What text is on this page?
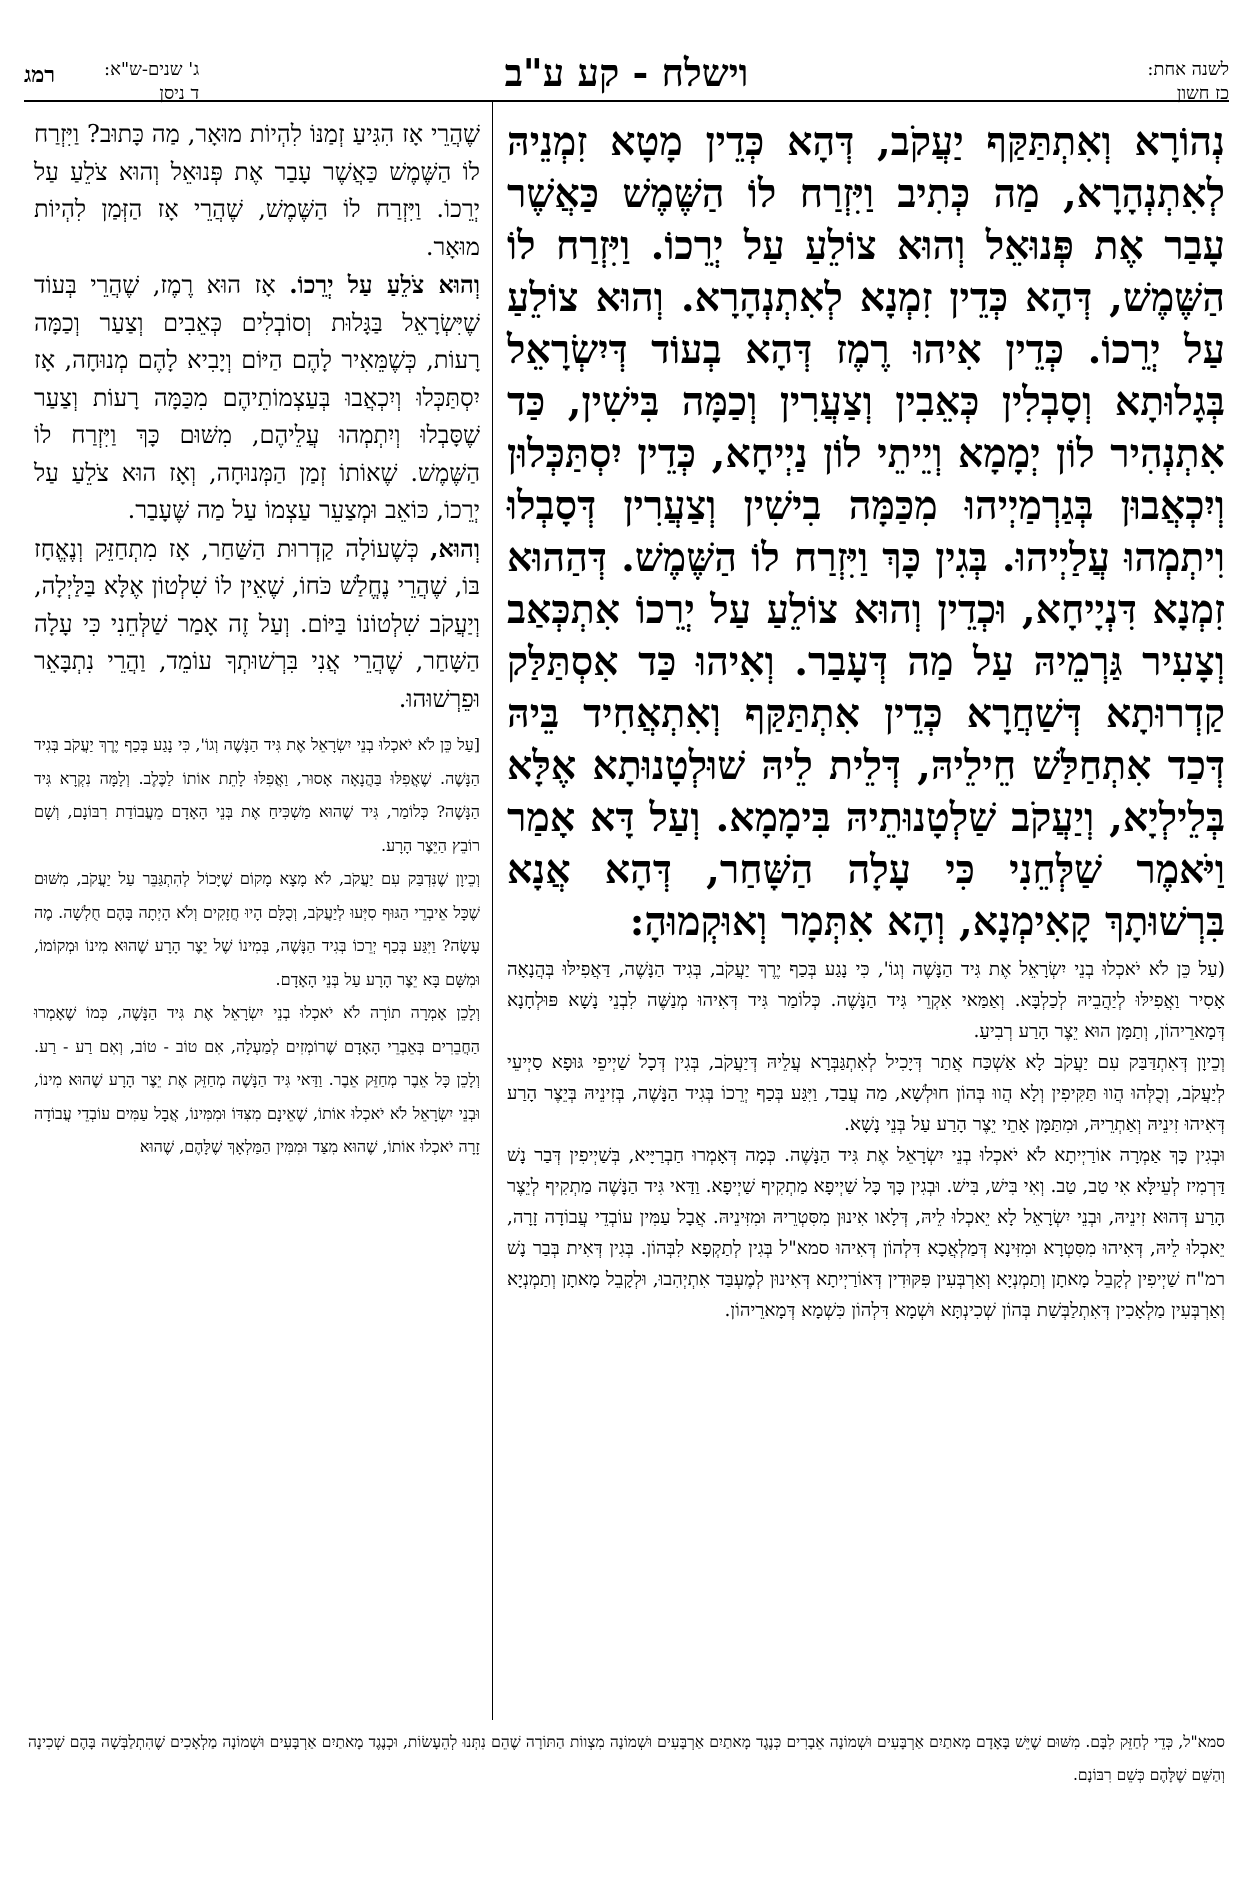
לשנה אחת:
כז חשון
וישלח - קע ע"ב
ג' שנים-ש"א:
ד ניסן
רמג
נְהוֹרָא וְאִתְתַּקַּף יַעֲקֹב, דְּהָא כְּדֵין מָטָא זִמְנֵיהּ לְאִתְנְהָרָא, מַה כְּתִיב וַיִּזְרַח לוֹ הַשֶּׁמֶשׁ כַּאֲשֶׁר עָבַר אֶת פְּנוּאֵל וְהוּא צוֹלֵעַ עַל יְרֵכוֹ. וַיִּזְרַח לוֹ הַשֶּׁמֶשׁ, דְּהָא כְּדֵין זִמְנָא לְאִתְנְהָרָא. וְהוּא צוֹלֵעַ עַל יְרֵכוֹ. כְּדֵין אִיהוּ רֶמֶז דְּהָא בְעוֹד דְּיִשְׂרָאֵל בְּגָלוּתָא וְסָבְלִין כְּאֵבִין וְצַעֲרִין וְכַמָּה בִּישִׁין, כַּד אִתְנְהִיר לוֹן יְמָמָא וְיֵיתֵי לוֹן נַיְיחָא, כְּדֵין יִסְתַּכְּלוּן וְיִכְאֲבוּן בְּגַרְמַיְיהוּ מִכַּמָּה בִישִׁין וְצַעֲרִין דְּסָבְלוּ וִיתְמְהוּ עֲלַיְיהוּ. בְּגִין כָּךְ וַיִּזְרַח לוֹ הַשֶּׁמֶשׁ. דְּהַהוּא זִמְנָא דִּנְיָיחָא, וּכְדֵין וְהוּא צוֹלֵעַ עַל יְרֵכוֹ אִתְכְּאַב וְצָעִיר גַּרְמֵיהּ עַל מַה דְּעָבַר. וְאִיהוּ כַּד אִסְתַּלַּק קַדְרוּתָא דְּשַׁחֲרָא כְּדֵין אִתְתַּקַּף וְאִתְאֲחִיד בֵּיהּ דְּכַד אִתְחַלַּשׁ חֵילֵיהּ, דְּלֵית לֵיהּ שׁוּלְטָנוּתָא אֶלָּא בְּלֵילְיָא, וְיַעֲקֹב שַׁלְטָנוּתֵיהּ בִּימָמָא. וְעַל דָּא אָמַר וַיֹּאמֶר שַׁלְּחֵנִי כִּי עָלָה הַשָּׁחַר, דְּהָא אֲנָא בִּרְשׁוּתָךְ קָאִימְנָא, וְהָא אִתְּמָר וְאוּקְמוּהָ:
(עַל כֵּן לֹא יֹאכְלוּ בְנֵי יִשְׂרָאֵל אֶת גִּיד הַנָּשֶׁה וְגוֹ', כִּי נָגַע בְּכַף יֶרֶךְ יַעֲקֹב, בְּגִיד הַנָּשֶׁה, דַּאֲפִילּוּ בְּהֲנָאָה אָסִיר וַאֲפִילּוּ לְיַהֲבֵיהּ לְכַלְבָּא. וְאַמַּאי אִקְרֵי גִּיד הַנָּשֶׁה. כְּלוֹמַר גִּיד דְּאִיהוּ מְנַשֶּׁה לִבְנֵי נָשָׁא פּוּלְחָנָא דְּמָארֵיהוֹן, וְתַמָּן הוּא יֵצֶר הָרַע רְבִיעַ.
וְכֵיוָן דְּאִתְדַּבַּק עִם יַעֲקֹב לָא אַשְׁכַּח אֲתַר דְּיָכִיל לְאִתְגַּבְּרָא עֲלֵיהּ דְּיַעֲקֹב, בְּגִין דְּכָל שַׁיְיפֵי גּוּפָא סַיְיעֵי לְיַעֲקֹב, וְכֻלְּהוּ הֲווּ תַּקִּיפִין וְלָא הֲווּ בְּהוֹן חוּלְשָׁא, מַה עֲבַד, וַיִּגַּע בְּכַף יְרֵכוֹ בְּגִיד הַנָּשֶׁה, בְּזִינֵיהּ בְּיֵצֶר הָרַע דְּאִיהוּ זִינֵיהּ וְאַתְרֵיהּ, וּמִתַּמָּן אָתֵי יֵצֶר הָרַע עַל בְּנֵי נָשָׁא.
וּבְגִין כָּךְ אַמְרָה אוֹרַיְיתָא לֹא יֹאכְלוּ בְנֵי יִשְׂרָאֵל אֶת גִּיד הַנָּשֶׁה. כְּמָה דְּאָמְרוּ חַבְרַיָּיא, בְּשַׁיְיפִין דְּבַר נָשׁ דַּרְמִיז לְעֵילָּא אִי טַב, טַב. וְאִי בִּישׁ, בִּישׁ. וּבְגִין כָּךְ כָּל שַׁיְיפָא מַתְקִיף שַׁיְיפָא. וַדַּאי גִּיד הַנָּשֶׁה מַתְקִיף לְיֵצֶר הָרַע דְּהוּא זִינֵיהּ, וּבְנֵי יִשְׂרָאֵל לָא יֵאכְלוּ לֵיהּ, דְּלָאו אִינוּן מִסִּטְרֵיהּ וּמִזִּינֵיהּ. אֲבָל עַמִּין עוֹבְדֵי עֲבוֹדָה זָרָה, יֵאכְלוּ לֵיהּ, דְּאִיהוּ מִסִּטְרָא וּמִזִּינָא דְּמַלְאֲכָא דִּלְהוֹן דְּאִיהוּ סמא"ל בְּגִין לְתַקְפָא לִבְּהוֹן. בְּגִין דְּאִית בְּבַר נָשׁ רמ"ח שַׁיְיפִין לְקָבֵל מָאתָן וְתַמְנְיָא וְאַרְבְּעִין פִּקּוּדִין דְּאוֹרַיְיתָא דְּאִינוּן לְמֶעְבַּד אִתְיְהִבוּ, וּלְקָבֵל מָאתָן וְתַמְנְיָא וְאַרְבְּעִין מַלְאָכִין דְּאִתְלַבְּשַׁת בְּהוֹן שְׁכִינְתָּא וּשְׁמָא דִּלְהוֹן כִּשְׁמָא דְּמָארֵיהוֹן.
שֶׁהֲרֵי אָז הִגִּיעַ זְמַנּוֹ לִהְיוֹת מוּאָר, מַה כָּתוּב? וַיִּזְרַח לוֹ הַשֶּׁמֶשׁ כַּאֲשֶׁר עָבַר אֶת פְּנוּאֵל וְהוּא צֹלֵעַ עַל יְרֵכוֹ. וַיִּזְרַח לוֹ הַשֶּׁמֶשׁ, שֶׁהֲרֵי אָז הַזְּמַן לִהְיוֹת מוּאָר.
וְהוּא צֹלֵעַ עַל יְרֵכוֹ. אָז הוּא רֶמֶז, שֶׁהֲרֵי בְּעוֹד שֶׁיִּשְׂרָאֵל בַּגָּלוּת וְסוֹבְלִים כְּאֵבִים וְצַעַר וְכַמָּה רָעוֹת, כְּשֶׁמֵּאִיר לָהֶם הַיּוֹם וְיָבִיא לָהֶם מְנוּחָה, אָז יִסְתַּכְּלוּ וְיִכְאֲבוּ בְּעַצְמוֹתֵיהֶם מִכַּמָּה רָעוֹת וְצַעַר שֶׁסָּבְלוּ וְיִתְמְהוּ עֲלֵיהֶם, מִשּׁוּם כָּךְ וַיִּזְרַח לוֹ הַשֶּׁמֶשׁ. שֶׁאוֹתוֹ זְמַן הַמְּנוּחָה, וְאָז הוּא צֹלֵעַ עַל יְרֵכוֹ, כּוֹאֵב וּמְצַעֵר עַצְמוֹ עַל מַה שֶּׁעָבַר.
וְהוּא, כְּשֶׁעוֹלָה קַדְרוּת הַשַּׁחַר, אָז מִתְחַזֵּק וְנֶאֱחָז בּוֹ, שֶׁהֲרֵי נֶחֱלַשׁ כֹּחוֹ, שֶׁאֵין לוֹ שִׁלְטוֹן אֶלָּא בַּלַּיְלָה, וְיַעֲקֹב שִׁלְטוֹנוֹ בַּיּוֹם. וְעַל זֶה אָמַר שַׁלְּחֵנִי כִּי עָלָה הַשָּׁחַר, שֶׁהֲרֵי אֲנִי בִּרְשׁוּתְךָ עוֹמֵד, וַהֲרֵי נִתְבָּאֵר וּפֵרְשׁוּהוּ.
[עַל כֵּן לֹא יֹאכְלוּ בְנֵי יִשְׂרָאֵל אֶת גִּיד הַנָּשֶׁה וְגוֹ', כִּי נָגַע בְּכַף יֶרֶךְ יַעֲקֹב בְּגִיד הַנָּשֶׁה. שֶׁאֲפִלּוּ בַּהֲנָאָה אָסוּר, וַאֲפִלּוּ לָתֵת אוֹתוֹ לַכֶּלֶב. וְלָמָּה נִקְרָא גִּיד הַנָּשֶׁה? כְּלוֹמַר, גִּיד שֶׁהוּא מַשְׁכִּיחַ אֶת בְּנֵי הָאָדָם מֵעֲבוֹדַת רִבּוֹנָם, וְשָׁם רוֹבֵץ הַיֵּצֶר הָרָע.
וְכֵיוָן שֶׁנִּדְבַּק עִם יַעֲקֹב, לֹא מָצָא מָקוֹם שֶׁיָּכוֹל לְהִתְגַּבֵּר עַל יַעֲקֹב, מִשּׁוּם שֶׁכָּל אֵיבְרֵי הַגּוּף סִיְּעוּ לְיַעֲקֹב, וְכֻלָּם הָיוּ חֲזָקִים וְלֹא הָיְתָה בָּהֶם חֻלְשָׁה. מֶה עָשָׂה? וַיִּגַּע בְּכַף יְרֵכוֹ בְּגִיד הַנָּשֶׁה, בְּמִינוֹ שֶׁל יֵצֶר הָרָע שֶׁהוּא מִינוֹ וּמְקוֹמוֹ, וּמִשָּׁם בָּא יֵצֶר הָרָע עַל בְּנֵי הָאָדָם.
וְלָכֵן אָמְרָה תוֹרָה לֹא יֹאכְלוּ בְנֵי יִשְׂרָאֵל אֶת גִּיד הַנָּשֶׁה, כְּמוֹ שֶׁאָמְרוּ הַחֲבֵרִים בְּאֵבְרֵי הָאָדָם שֶׁרוֹמְזִים לְמַעְלָה, אִם טוֹב - טוֹב, וְאִם רַע - רַע. וְלָכֵן כָּל אֵבֶר מְחַזֵּק אֵבֶר. וַדַּאי גִּיד הַנָּשֶׁה מְחַזֵּק אֶת יֵצֶר הָרָע שֶׁהוּא מִינוֹ, וּבְנֵי יִשְׂרָאֵל לֹא יֹאכְלוּ אוֹתוֹ, שֶׁאֵינָם מִצִּדּוֹ וּמִמִּינוֹ, אֲבָל עַמִּים עוֹבְדֵי עֲבוֹדָה זָרָה יֹאכְלוּ אוֹתוֹ, שֶׁהוּא מִצַּד וּמִמִּין הַמַּלְאָךְ שֶׁלָּהֶם, שֶׁהוּא
סמא"ל, כְּדֵי לְחַזֵּק לִבָּם. מִשּׁוּם שֶׁיֵּשׁ בָּאָדָם מָאתַיִם אַרְבָּעִים וּשְׁמוֹנָה אֵבָרִים כְּנֶגֶד מָאתַיִם אַרְבָּעִים וּשְׁמוֹנָה מִצְווֹת הַתּוֹרָה שֶׁהֵם נִתְּנוּ לְהֵעָשׂוֹת, וּכְנֶגֶד מָאתַיִם אַרְבָּעִים וּשְׁמוֹנָה מַלְאָכִים שֶׁהִתְלַבְּשָׁה בָּהֶם שְׁכִינָה וְהַשֵּׁם שֶׁלָּהֶם כְּשֵׁם רִבּוֹנָם.
